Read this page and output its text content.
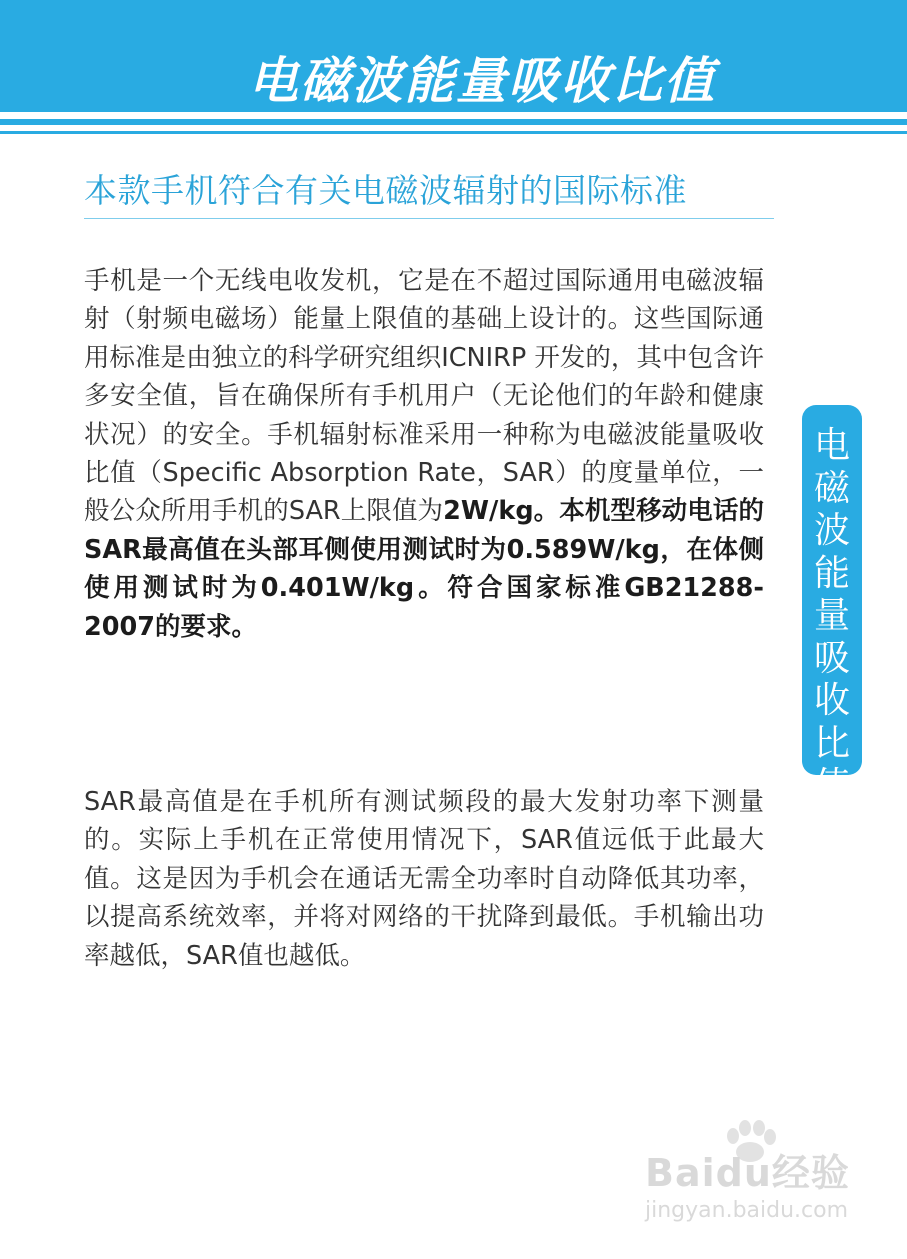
电磁波能量吸收比值
本款手机符合有关电磁波辐射的国际标准

手机是一个无线电收发机，它是在不超过国际通用电磁波辐射（射频电磁场）能量上限值的基础上设计的。这些国际通用标准是由独立的科学研究组织ICNIRP 开发的，其中包含许多安全值，旨在确保所有手机用户（无论他们的年龄和健康状况）的安全。手机辐射标准采用一种称为电磁波能量吸收比值（Specific Absorption Rate，SAR）的度量单位，一般公众所用手机的SAR上限值为2W/kg。本机型移动电话的SAR最高值在头部耳侧使用测试时为0.589W/kg，在体侧使用测试时为0.401W/kg。符合国家标准GB21288-2007的要求。

SAR最高值是在手机所有测试频段的最大发射功率下测量的。实际上手机在正常使用情况下，SAR值远低于此最大值。这是因为手机会在通话无需全功率时自动降低其功率，以提高系统效率，并将对网络的干扰降到最低。手机输出功率越低，SAR值也越低。

电磁波能量吸收比值
Baidu经验
jingyan.baidu.com
